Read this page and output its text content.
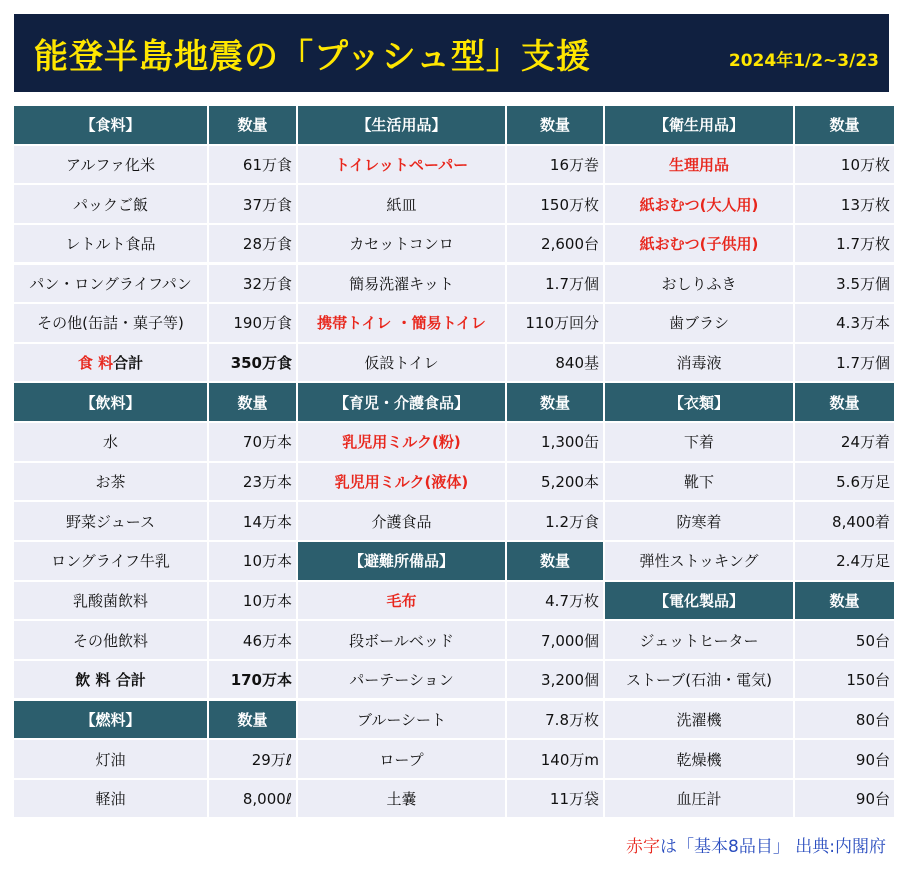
能登半島地震の「プッシュ型」支援	2024年1/2~3/23
【食料】	数量	【生活用品】	数量	【衛生用品】	数量
アルファ化米	61万食	トイレットペーパー	16万巻	生理用品	10万枚
パックご飯	37万食	紙皿	150万枚	紙おむつ(大人用)	13万枚
レトルト食品	28万食	カセットコンロ	2,600台	紙おむつ(子供用)	1.7万枚
パン・ロングライフパン	32万食	簡易洗濯キット	1.7万個	おしりふき	3.5万個
その他(缶詰・菓子等)	190万食	携帯トイレ ・簡易トイレ	110万回分	歯ブラシ	4.3万本
食 料 合計	350万食	仮設トイレ	840基	消毒液	1.7万個
【飲料】	数量	【育児・介護食品】	数量	【衣類】	数量
水	70万本	乳児用ミルク(粉)	1,300缶	下着	24万着
お茶	23万本	乳児用ミルク(液体)	5,200本	靴下	5.6万足
野菜ジュース	14万本	介護食品	1.2万食	防寒着	8,400着
ロングライフ牛乳	10万本	【避難所備品】	数量	弾性ストッキング	2.4万足
乳酸菌飲料	10万本	毛布	4.7万枚	【電化製品】	数量
その他飲料	46万本	段ボールベッド	7,000個	ジェットヒーター	50台
飲 料 合計	170万本	パーテーション	3,200個	ストーブ(石油・電気)	150台
【燃料】	数量	ブルーシート	7.8万枚	洗濯機	80台
灯油	29万ℓ	ロープ	140万m	乾燥機	90台
軽油	8,000ℓ	土嚢	11万袋	血圧計	90台
赤字は「基本8品目」 出典:内閣府
